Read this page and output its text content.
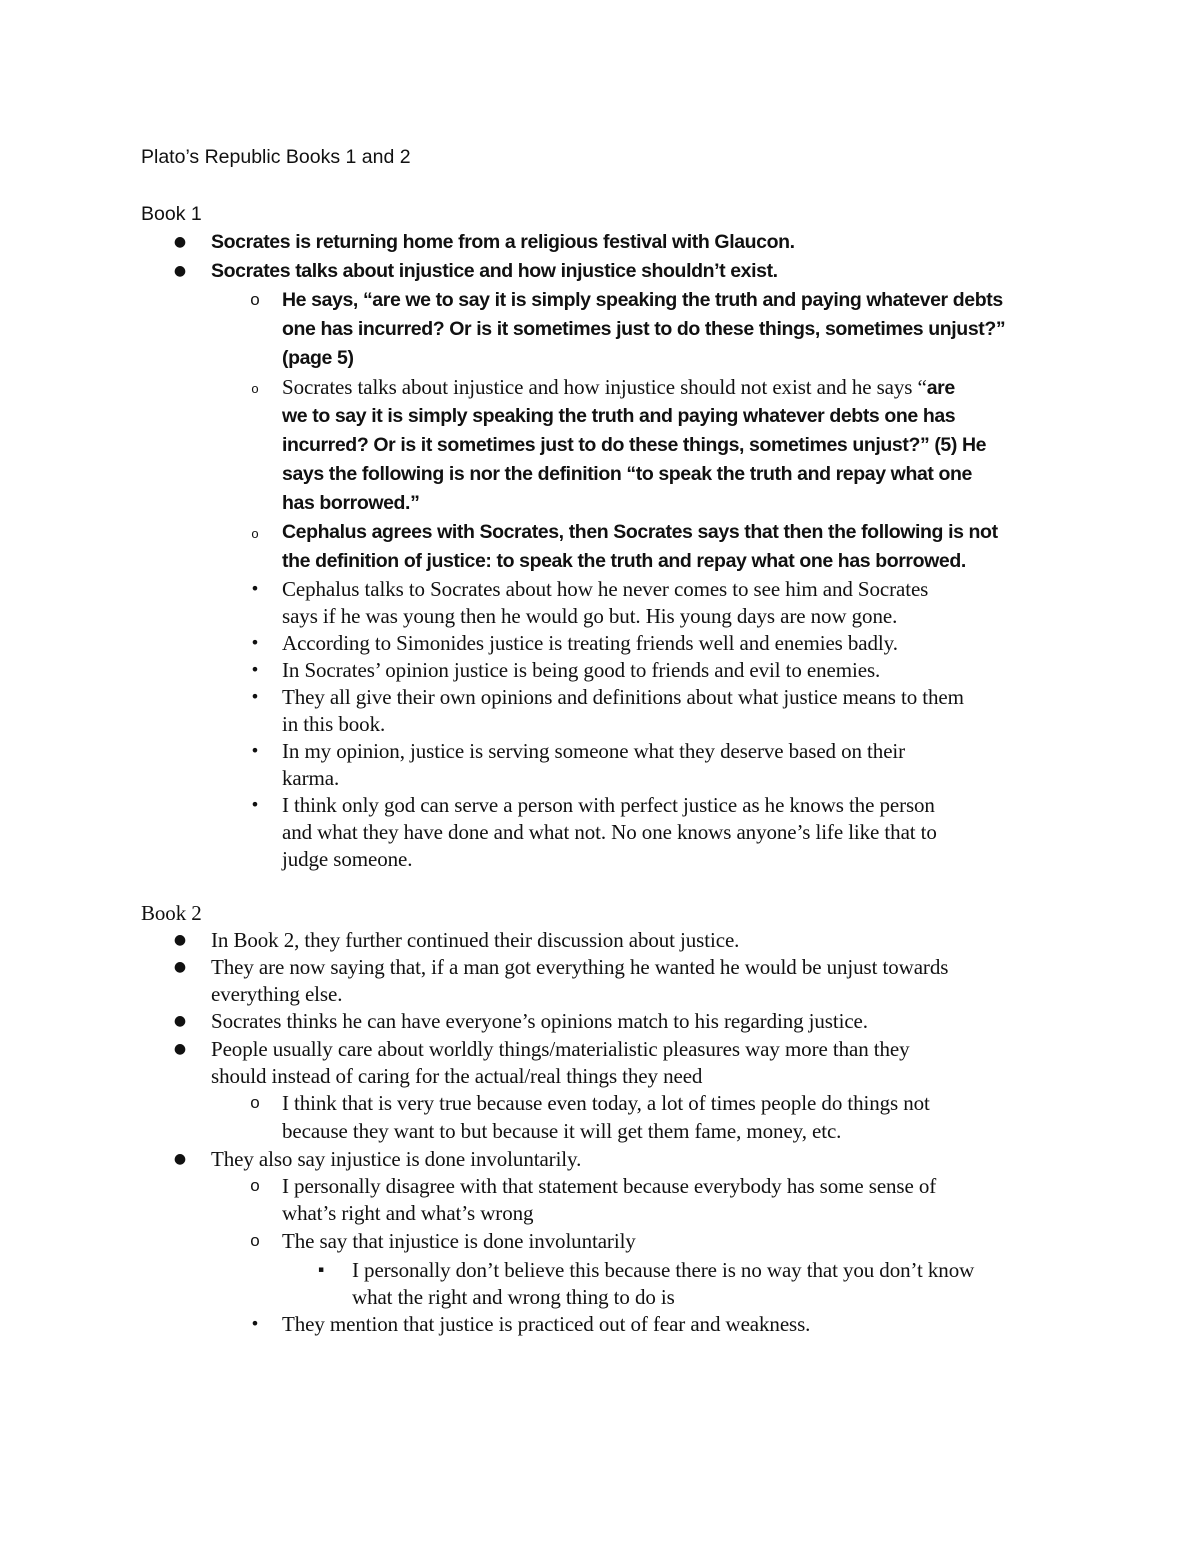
Plato’s Republic Books 1 and 2
Book 1
● Socrates is returning home from a religious festival with Glaucon.
● Socrates talks about injustice and how injustice shouldn’t exist.
o He says, “are we to say it is simply speaking the truth and paying whatever debts
one has incurred? Or is it sometimes just to do these things, sometimes unjust?”
(page 5)
o	Socrates talks about injustice and how injustice should not exist and he says “are
we to say it is simply speaking the truth and paying whatever debts one has
incurred? Or is it sometimes just to do these things, sometimes unjust?” (5) He
says the following is nor the definition “to speak the truth and repay what one
has borrowed.”
o	Cephalus agrees with Socrates, then Socrates says that then the following is not
the definition of justice: to speak the truth and repay what one has borrowed.
• Cephalus talks to Socrates about how he never comes to see him and Socrates
says if he was young then he would go but. His young days are now gone.
• According to Simonides justice is treating friends well and enemies badly.
• In Socrates’ opinion justice is being good to friends and evil to enemies.
• They all give their own opinions and definitions about what justice means to them
in this book.
• In my opinion, justice is serving someone what they deserve based on their
karma.
• I think only god can serve a person with perfect justice as he knows the person
and what they have done and what not. No one knows anyone’s life like that to
judge someone.
Book 2
● In Book 2, they further continued their discussion about justice.
● They are now saying that, if a man got everything he wanted he would be unjust towards
everything else.
● Socrates thinks he can have everyone’s opinions match to his regarding justice.
● People usually care about worldly things/materialistic pleasures way more than they
should instead of caring for the actual/real things they need
o I think that is very true because even today, a lot of times people do things not
because they want to but because it will get them fame, money, etc.
● They also say injustice is done involuntarily.
o I personally disagree with that statement because everybody has some sense of
what’s right and what’s wrong
o The say that injustice is done involuntarily
▪	I personally don’t believe this because there is no way that you don’t know
what the right and wrong thing to do is
• They mention that justice is practiced out of fear and weakness.
